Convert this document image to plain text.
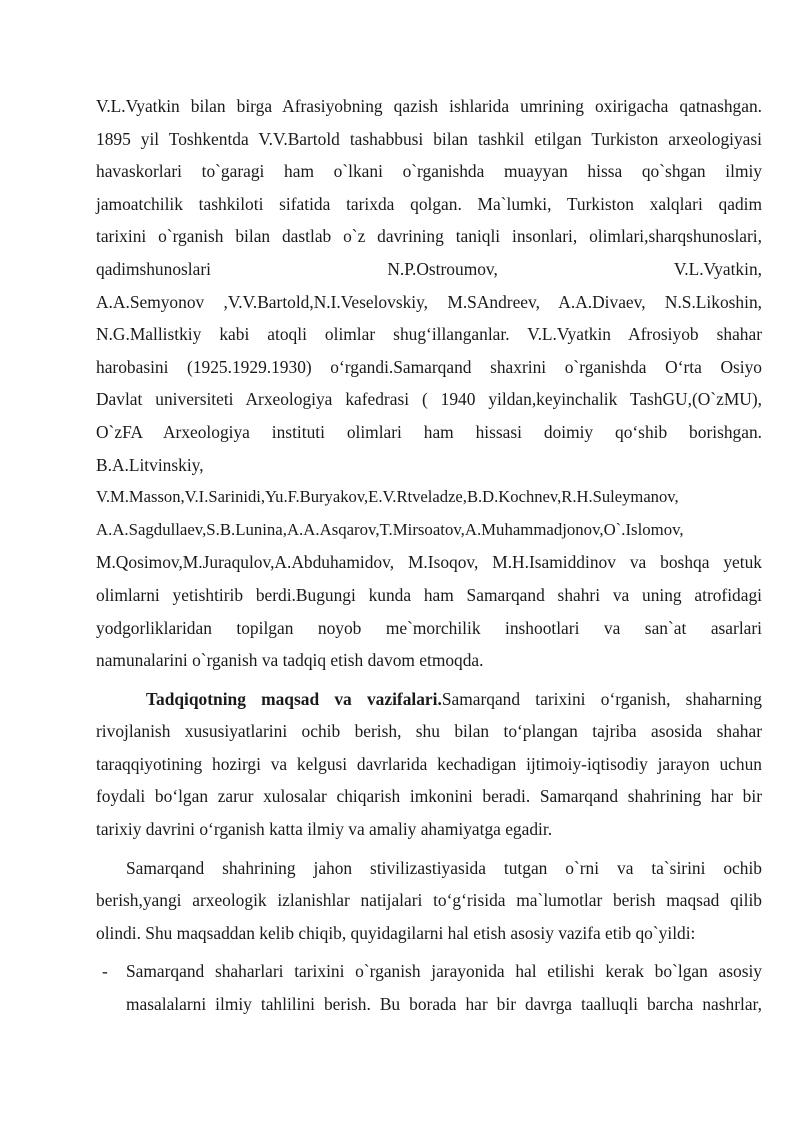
V.L.Vyatkin bilan birga Afrasiyobning qazish ishlarida umrining oxirigacha qatnashgan.
1895 yil Toshkentda V.V.Bartold tashabbusi bilan tashkil etilgan Turkiston arxeologiyasi
havaskorlari to`garagi ham o`lkani o`rganishda muayyan hissa qo`shgan ilmiy
jamoatchilik tashkiloti sifatida tarixda qolgan. Ma`lumki, Turkiston xalqlari qadim
tarixini o`rganish bilan dastlab o`z davrining taniqli insonlari, olimlari,sharqshunoslari,
qadimshunoslari N.P.Ostroumov, V.L.Vyatkin,
A.A.Semyonov ,V.V.Bartold,N.I.Veselovskiy, M.SAndreev, A.A.Divaev, N.S.Likoshin,
N.G.Mallistkiy kabi atoqli olimlar shug‘illanganlar. V.L.Vyatkin Afrosiyob shahar
harobasini (1925.1929.1930) o‘rgandi.Samarqand shaxrini o`rganishda O‘rta Osiyo
Davlat universiteti Arxeologiya kafedrasi ( 1940 yildan,keyinchalik TashGU,(O`zMU),
O`zFA Arxeologiya instituti olimlari ham hissasi doimiy qo‘shib borishgan.
B.A.Litvinskiy,
V.M.Masson,V.I.Sarinidi,Yu.F.Buryakov,E.V.Rtveladze,B.D.Kochnev,R.H.Suleymanov,
A.A.Sagdullaev,S.B.Lunina,A.A.Asqarov,T.Mirsoatov,A.Muhammadjonov,O`.Islomov,
M.Qosimov,M.Juraqulov,A.Abduhamidov, M.Isoqov, M.H.Isamiddinov va boshqa yetuk
olimlarni yetishtirib berdi.Bugungi kunda ham Samarqand shahri va uning atrofidagi
yodgorliklaridan topilgan noyob me`morchilik inshootlari va san`at asarlari
namunalarini o`rganish va tadqiq etish davom etmoqda.
Tadqiqotning maqsad va vazifalari.Samarqand tarixini o‘rganish, shaharning
rivojlanish xususiyatlarini ochib berish, shu bilan to‘plangan tajriba asosida shahar
taraqqiyotining hozirgi va kelgusi davrlarida kechadigan ijtimoiy-iqtisodiy jarayon uchun
foydali bo‘lgan zarur xulosalar chiqarish imkonini beradi. Samarqand shahrining har bir
tarixiy davrini o‘rganish katta ilmiy va amaliy ahamiyatga egadir.
Samarqand shahrining jahon stivilizastiyasida tutgan o`rni va ta`sirini ochib
berish,yangi arxeologik izlanishlar natijalari to‘g‘risida ma`lumotlar berish maqsad qilib
olindi. Shu maqsaddan kelib chiqib, quyidagilarni hal etish asosiy vazifa etib qo`yildi:
- Samarqand shaharlari tarixini o`rganish jarayonida hal etilishi kerak bo`lgan asosiy
masalalarni ilmiy tahlilini berish. Bu borada har bir davrga taalluqli barcha nashrlar,
